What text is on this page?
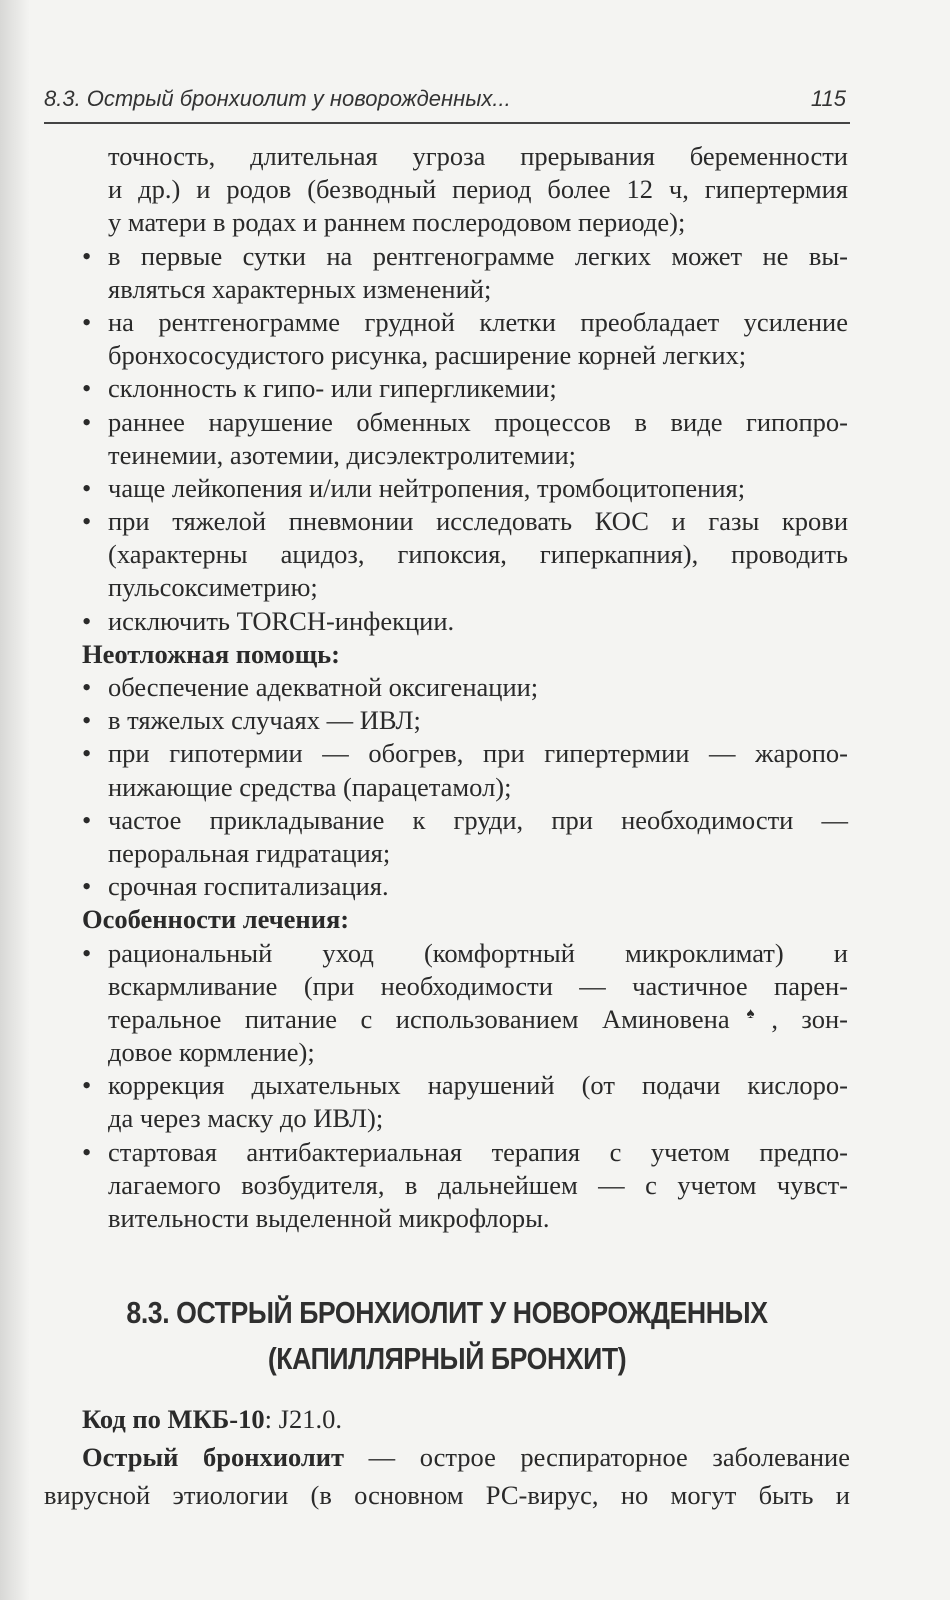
8.3. Острый бронхиолит у новорожденных...	115
точность, длительная угроза прерывания беременности
и др.) и родов (безводный период более 12 ч, гипертермия
у матери в родах и раннем послеродовом периоде);
• в первые сутки на рентгенограмме легких может не вы-
являться характерных изменений;
• на рентгенограмме грудной клетки преобладает усиление
бронхососудистого рисунка, расширение корней легких;
• склонность к гипо- или гипергликемии;
• раннее нарушение обменных процессов в виде гипопро-
теинемии, азотемии, дисэлектролитемии;
• чаще лейкопения и/или нейтропения, тромбоцитопения;
• при тяжелой пневмонии исследовать КОС и газы крови
(характерны ацидоз, гипоксия, гиперкапния), проводить
пульсоксиметрию;
• исключить TORCH-инфекции.
Неотложная помощь:
• обеспечение адекватной оксигенации;
• в тяжелых случаях — ИВЛ;
• при гипотермии — обогрев, при гипертермии — жаропо-
нижающие средства (парацетамол);
• частое прикладывание к груди, при необходимости —
пероральная гидратация;
• срочная госпитализация.
Особенности лечения:
• рациональный уход (комфортный микроклимат) и
вскармливание (при необходимости — частичное парен-
теральное питание с использованием Аминовена♠, зон-
довое кормление);
• коррекция дыхательных нарушений (от подачи кислоро-
да через маску до ИВЛ);
• стартовая антибактериальная терапия с учетом предпо-
лагаемого возбудителя, в дальнейшем — с учетом чувст-
вительности выделенной микрофлоры.
8.3. ОСТРЫЙ БРОНХИОЛИТ У НОВОРОЖДЕННЫХ
(КАПИЛЛЯРНЫЙ БРОНХИТ)
Код по МКБ-10: J21.0.
Острый бронхиолит — острое респираторное заболевание
вирусной этиологии (в основном РС-вирус, но могут быть и
